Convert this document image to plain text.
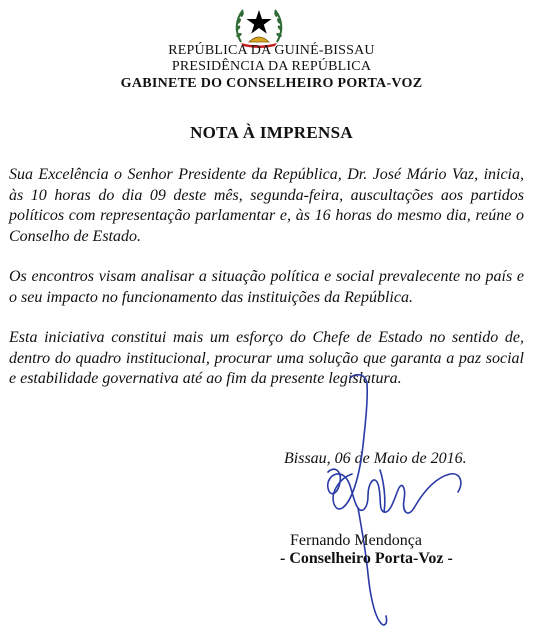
REPÚBLICA DA GUINÉ-BISSAU
PRESIDÊNCIA DA REPÚBLICA
GABINETE DO CONSELHEIRO PORTA-VOZ
NOTA À IMPRENSA

Sua Excelência o Senhor Presidente da República, Dr. José Mário Vaz, inicia, às 10 horas do dia 09 deste mês, segunda-feira, auscultações aos partidos políticos com representação parlamentar e, às 16 horas do mesmo dia, reúne o Conselho de Estado.

Os encontros visam analisar a situação política e social prevalecente no país e o seu impacto no funcionamento das instituições da República.

Esta iniciativa constitui mais um esforço do Chefe de Estado no sentido de, dentro do quadro institucional, procurar uma solução que garanta a paz social e estabilidade governativa até ao fim da presente legislatura.

Bissau, 06 de Maio de 2016.
Fernando Mendonça
- Conselheiro Porta-Voz -
